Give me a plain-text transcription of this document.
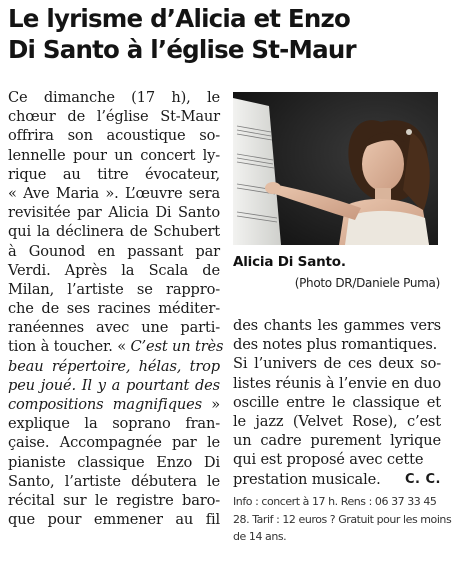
Le lyrisme d’Alicia et Enzo
Di Santo à l’église St-Maur
Ce dimanche (17 h), le
chœur de l’église St-Maur
offrira son acoustique so-
lennelle pour un concert ly-
rique au titre évocateur,
« Ave Maria ». L’œuvre sera
revisitée par Alicia Di Santo
qui la déclinera de Schubert
à Gounod en passant par
Verdi. Après la Scala de
Milan, l’artiste se rappro-
che de ses racines méditer-
ranéennes avec une parti-
tion à toucher. « C’est un très
beau répertoire, hélas, trop
peu joué. Il y a pourtant des
compositions magnifiques »
explique la soprano fran-
çaise. Accompagnée par le
pianiste classique Enzo Di
Santo, l’artiste débutera le
récital sur le registre baro-
que pour emmener au fil
Alicia Di Santo.
(Photo DR/Daniele Puma)
des chants les gammes vers
des notes plus romantiques.
Si l’univers de ces deux so-
listes réunis à l’envie en duo
oscille entre le classique et
le jazz (Velvet Rose), c’est
un cadre purement lyrique
qui est proposé avec cette
prestation musicale. C. C.
Info : concert à 17 h. Rens : 06 37 33 45
28. Tarif : 12 euros ? Gratuit pour les moins
de 14 ans.
